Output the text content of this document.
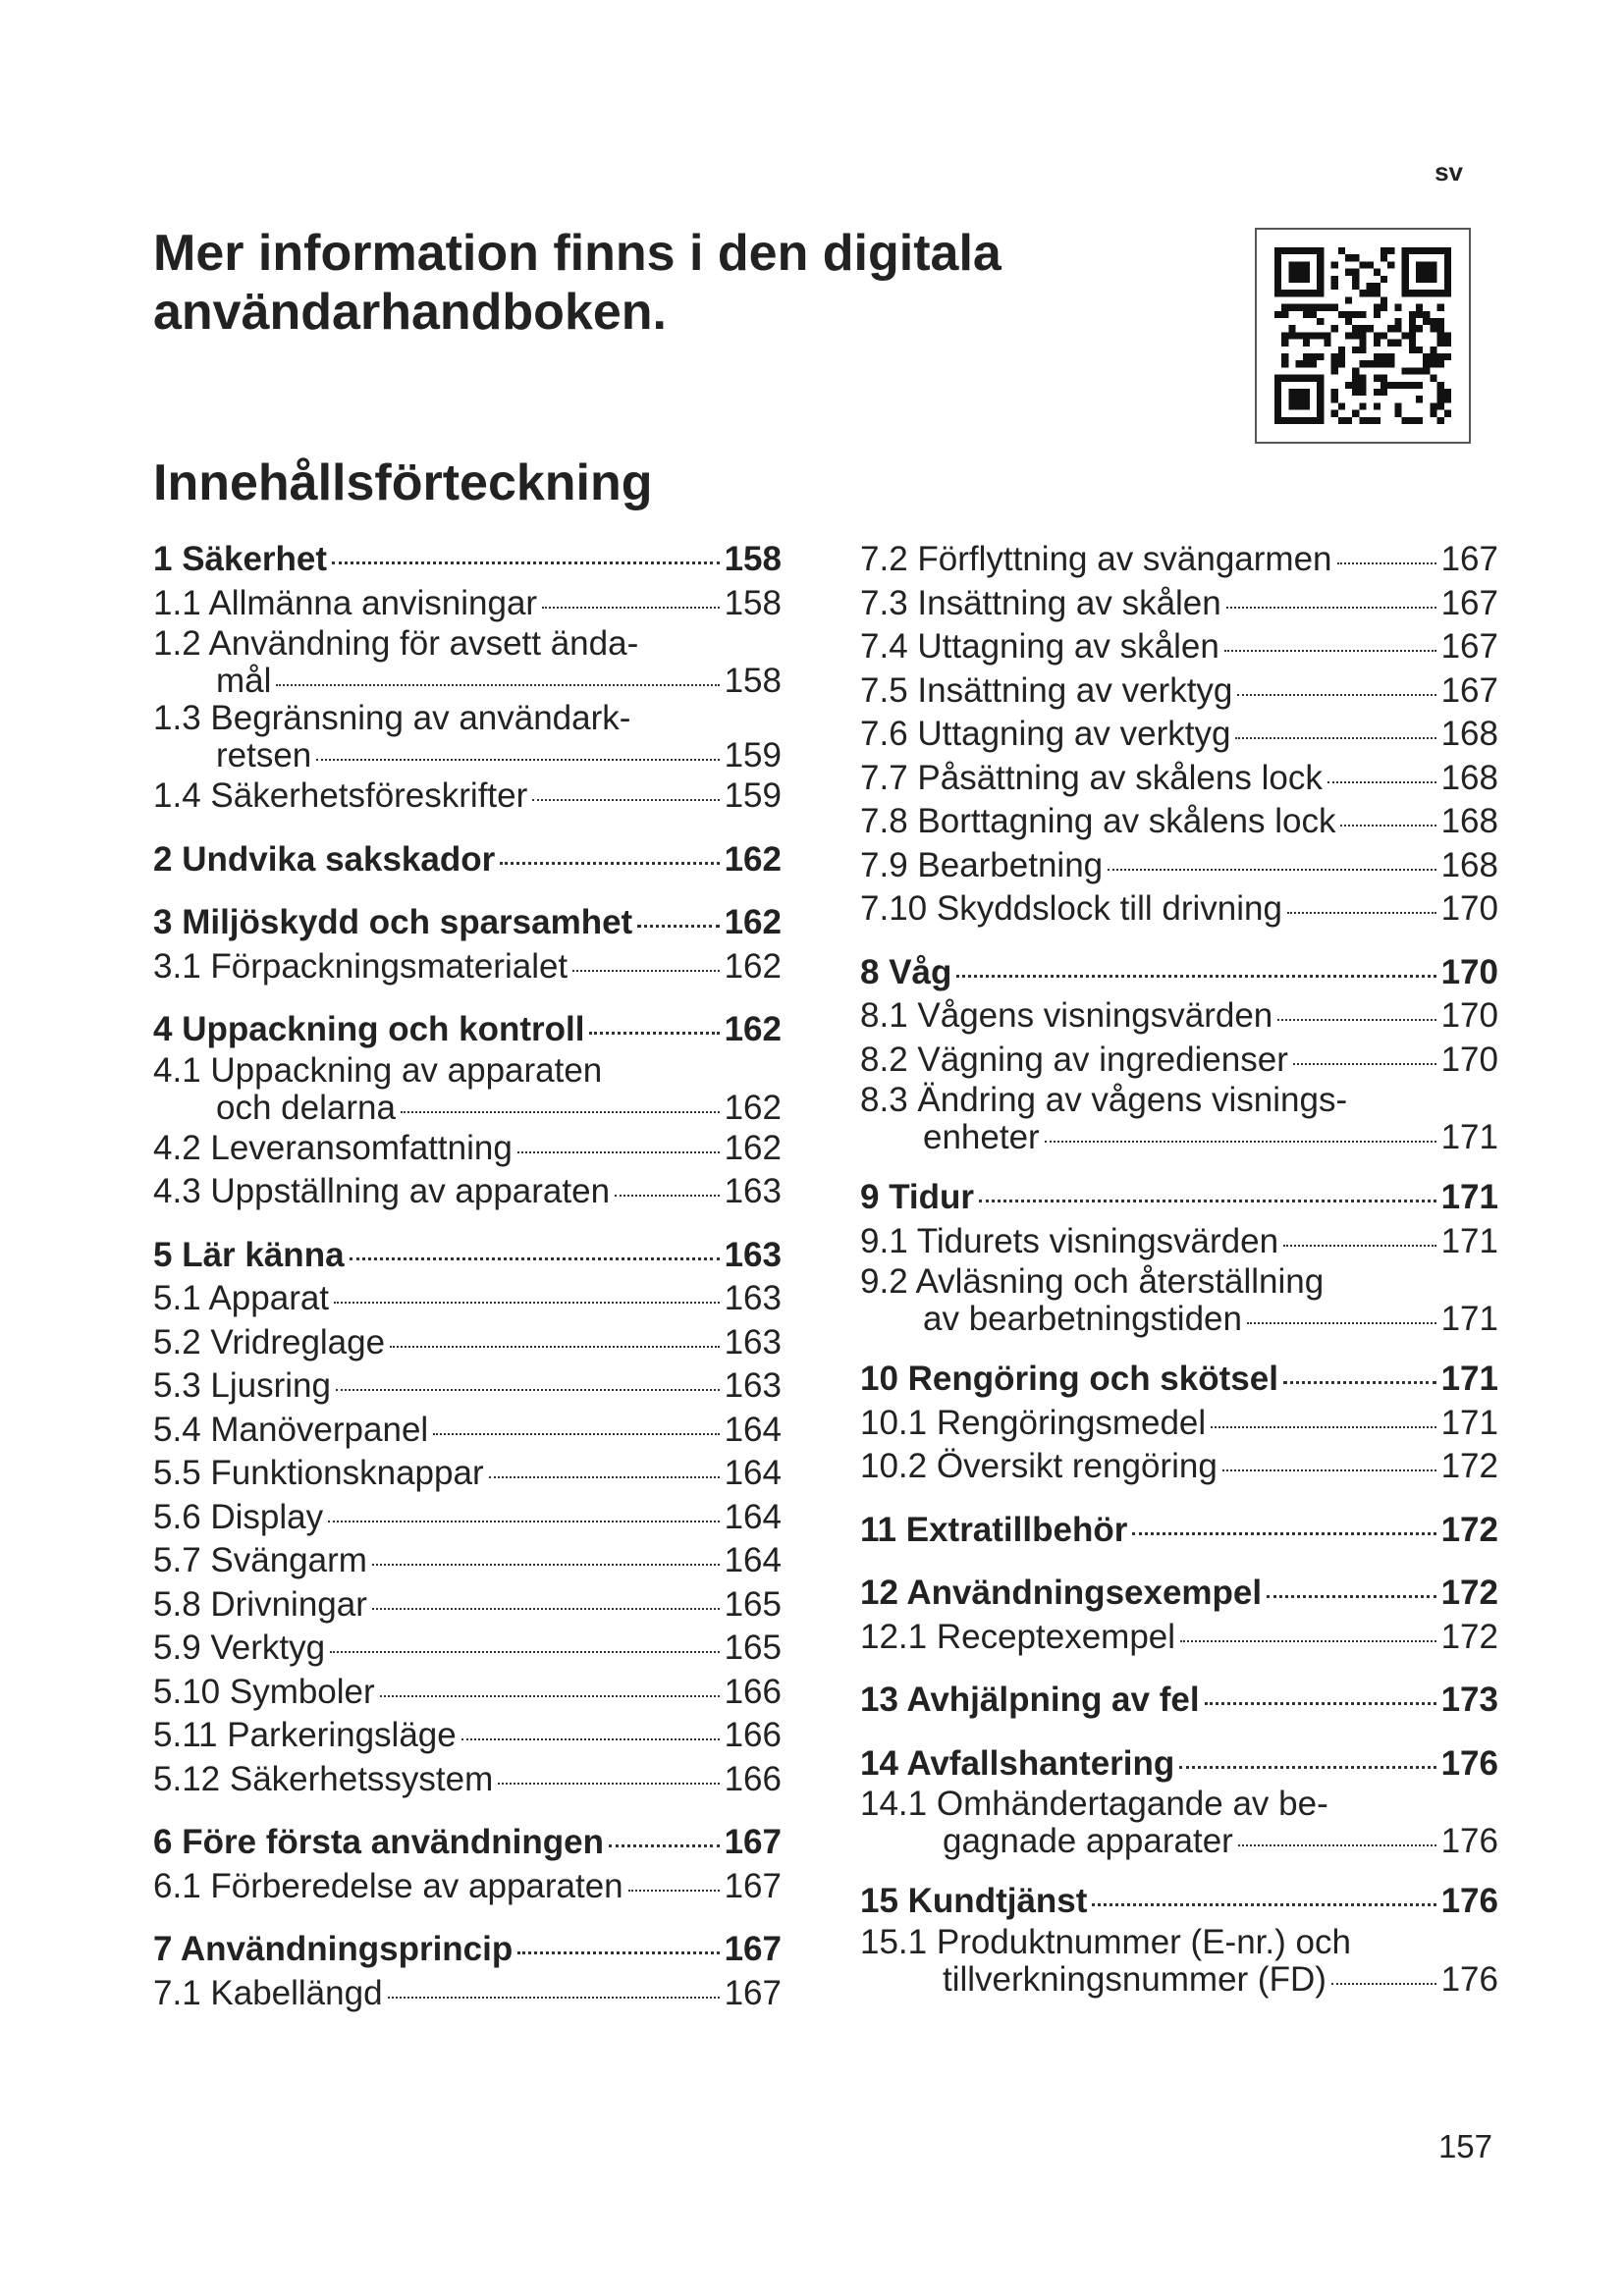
sv
Mer information finns i den digitala användarhandboken.
Innehållsförteckning
1 Säkerhet	158
1.1 Allmänna anvisningar	158
1.2 Användning för avsett ända-
mål	158
1.3 Begränsning av användark-
retsen	159
1.4 Säkerhetsföreskrifter	159
2 Undvika sakskador	162
3 Miljöskydd och sparsamhet	162
3.1 Förpackningsmaterialet	162
4 Uppackning och kontroll	162
4.1 Uppackning av apparaten
och delarna	162
4.2 Leveransomfattning	162
4.3 Uppställning av apparaten	163
5 Lär känna	163
5.1 Apparat	163
5.2 Vridreglage	163
5.3 Ljusring	163
5.4 Manöverpanel	164
5.5 Funktionsknappar	164
5.6 Display	164
5.7 Svängarm	164
5.8 Drivningar	165
5.9 Verktyg	165
5.10 Symboler	166
5.11 Parkeringsläge	166
5.12 Säkerhetssystem	166
6 Före första användningen	167
6.1 Förberedelse av apparaten	167
7 Användningsprincip	167
7.1 Kabellängd	167
7.2 Förflyttning av svängarmen	167
7.3 Insättning av skålen	167
7.4 Uttagning av skålen	167
7.5 Insättning av verktyg	167
7.6 Uttagning av verktyg	168
7.7 Påsättning av skålens lock	168
7.8 Borttagning av skålens lock	168
7.9 Bearbetning	168
7.10 Skyddslock till drivning	170
8 Våg	170
8.1 Vågens visningsvärden	170
8.2 Vägning av ingredienser	170
8.3 Ändring av vågens visnings-
enheter	171
9 Tidur	171
9.1 Tidurets visningsvärden	171
9.2 Avläsning och återställning
av bearbetningstiden	171
10 Rengöring och skötsel	171
10.1 Rengöringsmedel	171
10.2 Översikt rengöring	172
11 Extratillbehör	172
12 Användningsexempel	172
12.1 Receptexempel	172
13 Avhjälpning av fel	173
14 Avfallshantering	176
14.1 Omhändertagande av be-
gagnade apparater	176
15 Kundtjänst	176
15.1 Produktnummer (E-nr.) och
tillverkningsnummer (FD)	176
157
